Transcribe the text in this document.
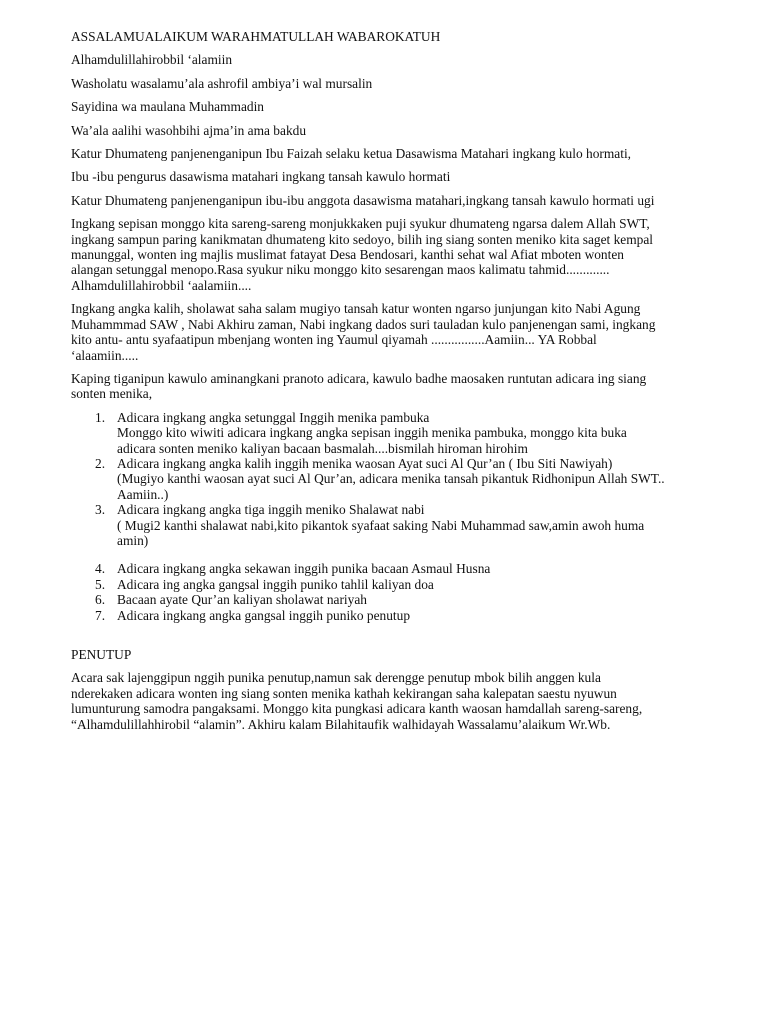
ASSALAMUALAIKUM WARAHMATULLAH WABAROKATUH

Alhamdulillahirobbil ‘alamiin

Washolatu wasalamu’ala ashrofil ambiya’i wal mursalin

Sayidina wa maulana Muhammadin

Wa’ala aalihi wasohbihi ajma’in ama bakdu

Katur Dhumateng panjenenganipun Ibu Faizah selaku ketua Dasawisma Matahari ingkang kulo hormati,

Ibu -ibu pengurus dasawisma matahari ingkang tansah kawulo hormati

Katur Dhumateng panjenenganipun ibu-ibu anggota dasawisma matahari,ingkang tansah kawulo hormati ugi

Ingkang sepisan monggo kita sareng-sareng monjukkaken puji syukur dhumateng ngarsa dalem Allah SWT,
ingkang sampun paring kanikmatan dhumateng kito sedoyo, bilih ing siang sonten meniko kita saget kempal
manunggal, wonten ing majlis muslimat fatayat Desa Bendosari, kanthi sehat wal Afiat mboten wonten
alangan setunggal menopo.Rasa syukur niku monggo kito sesarengan maos kalimatu tahmid.............
Alhamdulillahirobbil ‘aalamiin....
Ingkang angka kalih, sholawat saha salam mugiyo tansah katur wonten ngarso junjungan kito Nabi Agung
Muhammmad SAW , Nabi Akhiru zaman, Nabi ingkang dados suri tauladan kulo panjenengan sami, ingkang
kito antu- antu syafaatipun mbenjang wonten ing Yaumul qiyamah ................Aamiin... YA Robbal
‘alaamiin.....
Kaping tiganipun kawulo aminangkani pranoto adicara, kawulo badhe maosaken runtutan adicara ing siang
sonten menika,
1. Adicara ingkang angka setunggal Inggih menika pambuka
Monggo kito wiwiti adicara ingkang angka sepisan inggih menika pambuka, monggo kita buka
adicara sonten meniko kaliyan bacaan basmalah....bismilah hiroman hirohim
2. Adicara ingkang angka kalih inggih menika waosan Ayat suci Al Qur’an ( Ibu Siti Nawiyah)
(Mugiyo kanthi waosan ayat suci Al Qur’an, adicara menika tansah pikantuk Ridhonipun Allah SWT..
Aamiin..)
3. Adicara ingkang angka tiga inggih meniko Shalawat nabi
( Mugi2 kanthi shalawat nabi,kito pikantok syafaat saking Nabi Muhammad saw,amin awoh huma
amin)
4. Adicara ingkang angka sekawan inggih punika bacaan Asmaul Husna
5. Adicara ing angka gangsal inggih puniko tahlil kaliyan doa
6. Bacaan ayate Qur’an kaliyan sholawat nariyah
7. Adicara ingkang angka gangsal inggih puniko penutup

PENUTUP

Acara sak lajenggipun nggih punika penutup,namun sak derengge penutup mbok bilih anggen kula
nderekaken adicara wonten ing siang sonten menika kathah kekirangan saha kalepatan saestu nyuwun
lumunturung samodra pangaksami. Monggo kita pungkasi adicara kanth waosan hamdallah sareng-sareng,
“Alhamdulillahhirobil “alamin”. Akhiru kalam Bilahitaufik walhidayah Wassalamu’alaikum Wr.Wb.
